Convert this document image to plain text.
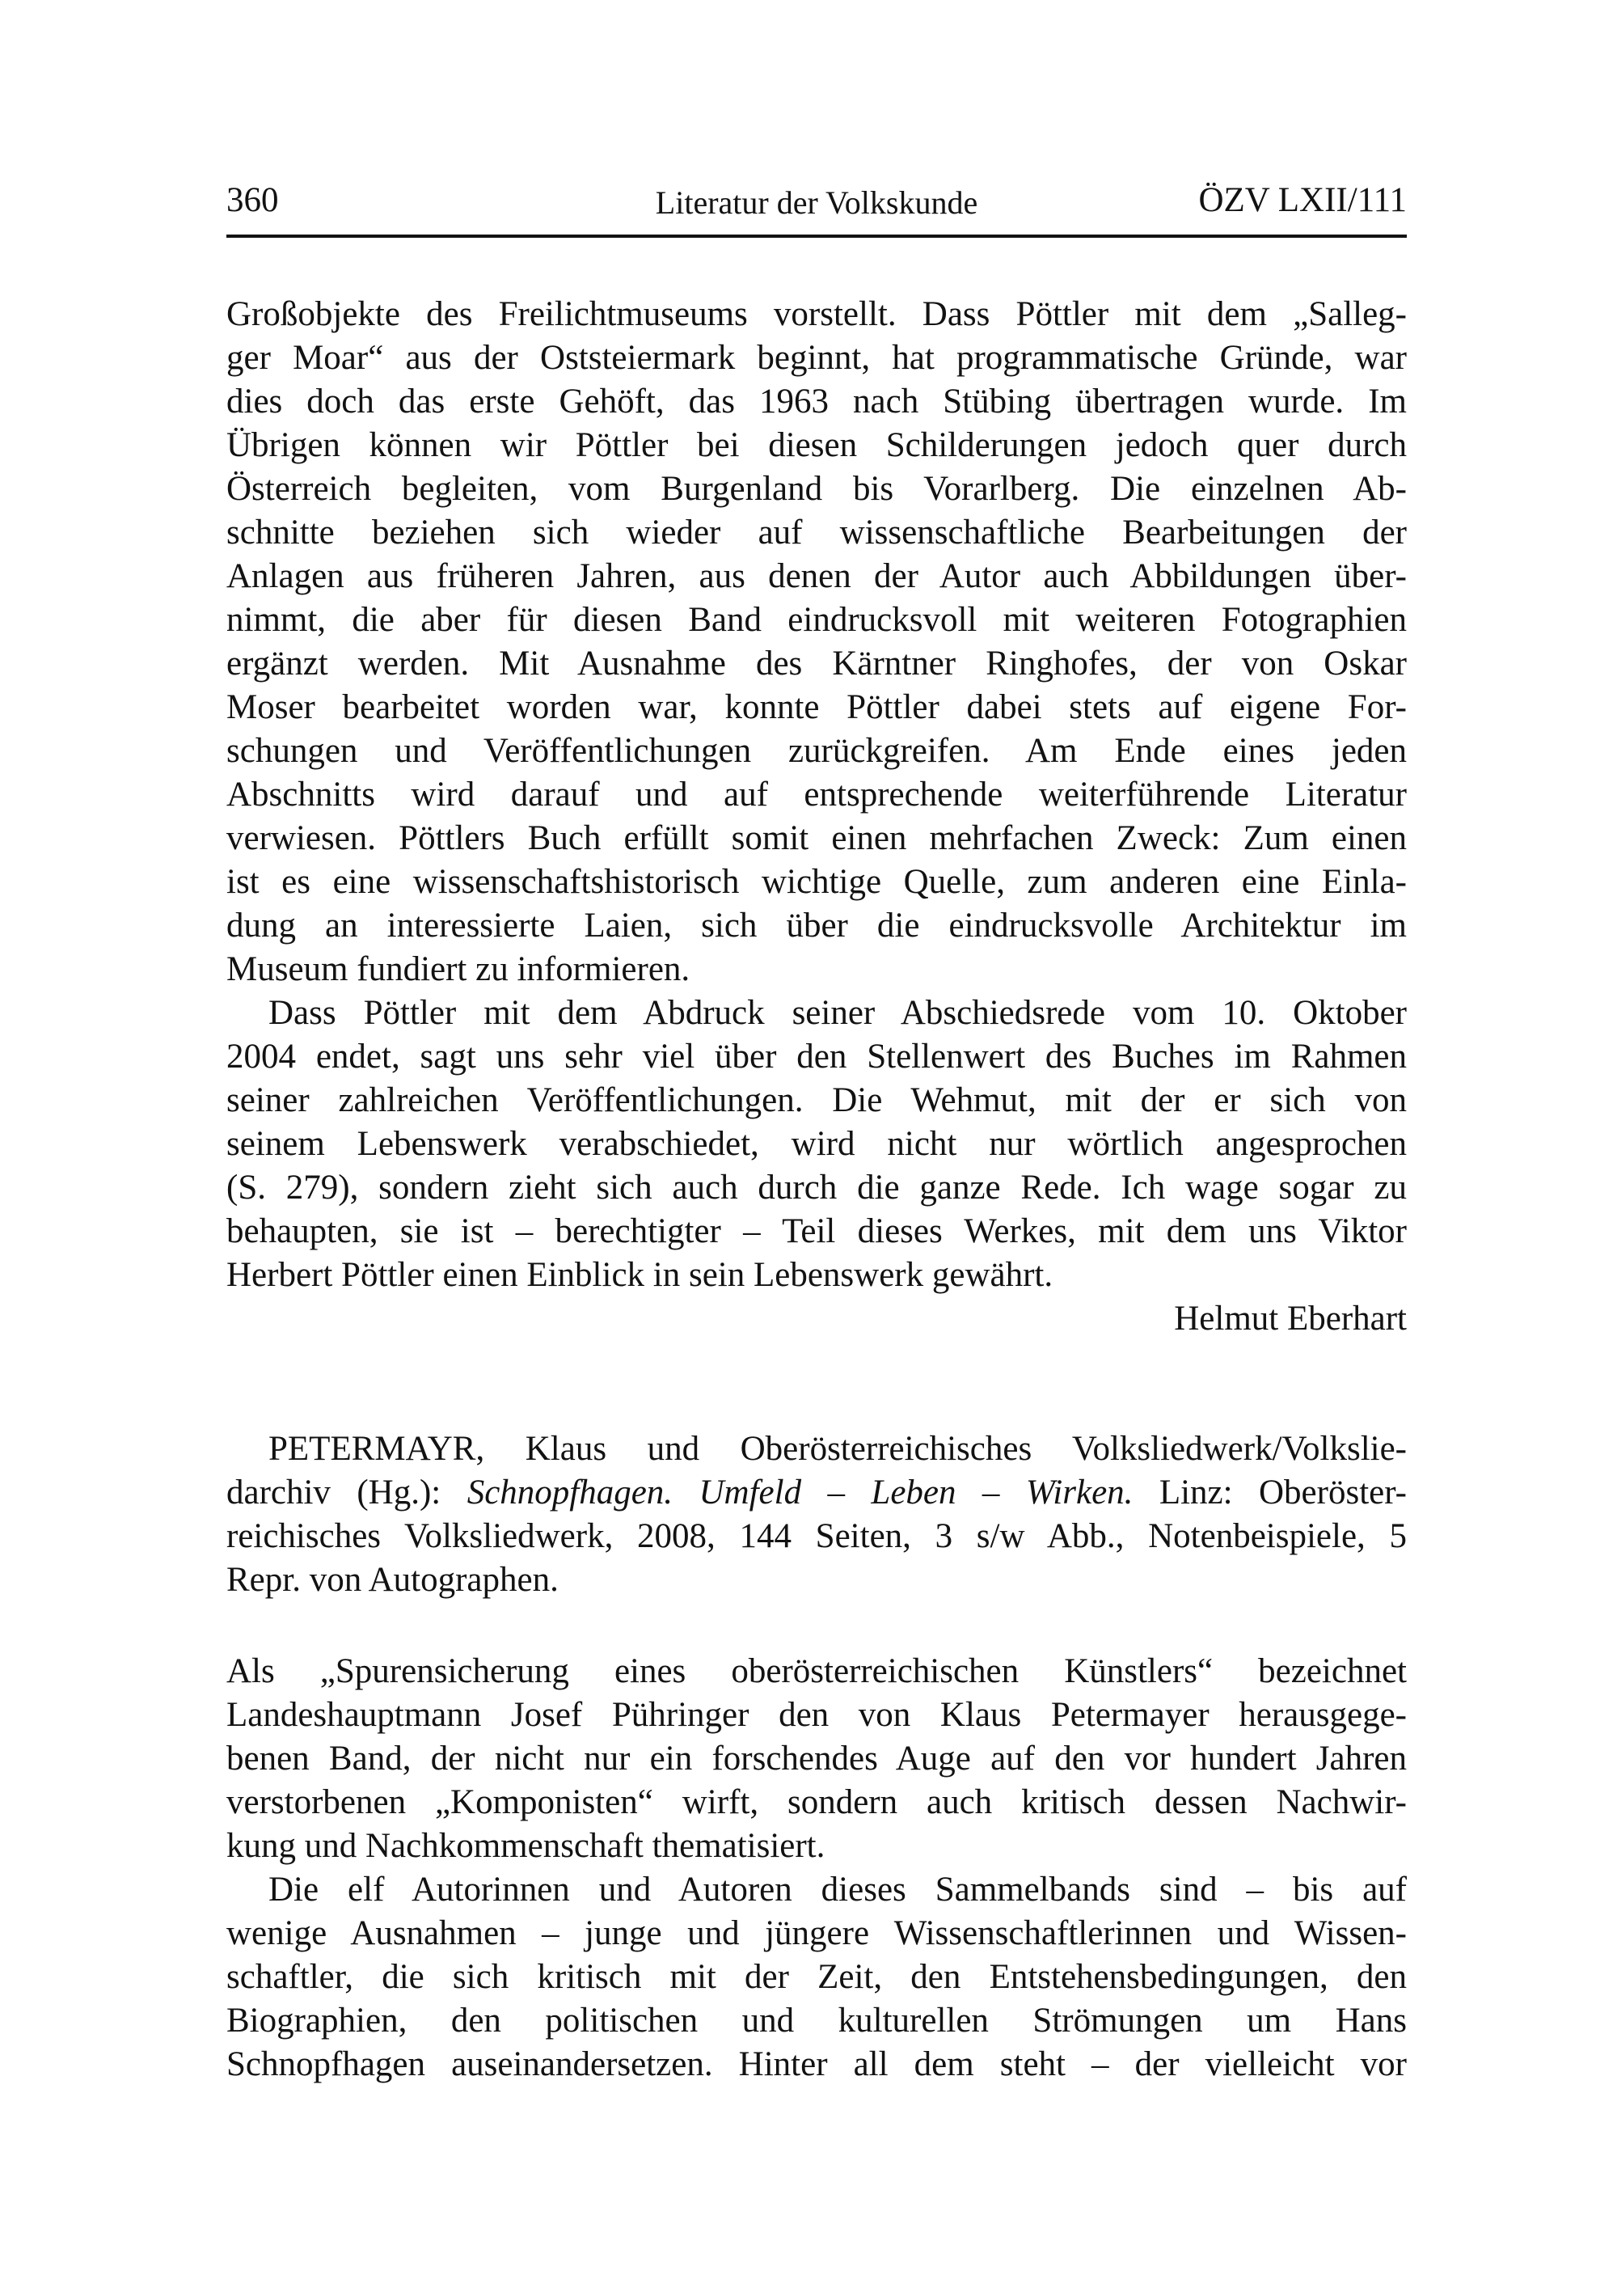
360	Literatur der Volkskunde	ÖZV LXII/111
Großobjekte des Freilichtmuseums vorstellt. Dass Pöttler mit dem „Salleg-
ger Moar“ aus der Oststeiermark beginnt, hat programmatische Gründe, war
dies doch das erste Gehöft, das 1963 nach Stübing übertragen wurde. Im
Übrigen können wir Pöttler bei diesen Schilderungen jedoch quer durch
Österreich begleiten, vom Burgenland bis Vorarlberg. Die einzelnen Ab-
schnitte beziehen sich wieder auf wissenschaftliche Bearbeitungen der
Anlagen aus früheren Jahren, aus denen der Autor auch Abbildungen über-
nimmt, die aber für diesen Band eindrucksvoll mit weiteren Fotographien
ergänzt werden. Mit Ausnahme des Kärntner Ringhofes, der von Oskar
Moser bearbeitet worden war, konnte Pöttler dabei stets auf eigene For-
schungen und Veröffentlichungen zurückgreifen. Am Ende eines jeden
Abschnitts wird darauf und auf entsprechende weiterführende Literatur
verwiesen. Pöttlers Buch erfüllt somit einen mehrfachen Zweck: Zum einen
ist es eine wissenschaftshistorisch wichtige Quelle, zum anderen eine Einla-
dung an interessierte Laien, sich über die eindrucksvolle Architektur im
Museum fundiert zu informieren.
Dass Pöttler mit dem Abdruck seiner Abschiedsrede vom 10. Oktober
2004 endet, sagt uns sehr viel über den Stellenwert des Buches im Rahmen
seiner zahlreichen Veröffentlichungen. Die Wehmut, mit der er sich von
seinem Lebenswerk verabschiedet, wird nicht nur wörtlich angesprochen
(S. 279), sondern zieht sich auch durch die ganze Rede. Ich wage sogar zu
behaupten, sie ist – berechtigter – Teil dieses Werkes, mit dem uns Viktor
Herbert Pöttler einen Einblick in sein Lebenswerk gewährt.
Helmut Eberhart
PETERMAYR, Klaus und Oberösterreichisches Volksliedwerk/Volkslie-
darchiv (Hg.): Schnopfhagen. Umfeld – Leben – Wirken. Linz: Oberöster-
reichisches Volksliedwerk, 2008, 144 Seiten, 3 s/w Abb., Notenbeispiele, 5
Repr. von Autographen.
Als „Spurensicherung eines oberösterreichischen Künstlers“ bezeichnet
Landeshauptmann Josef Pühringer den von Klaus Petermayer herausgege-
benen Band, der nicht nur ein forschendes Auge auf den vor hundert Jahren
verstorbenen „Komponisten“ wirft, sondern auch kritisch dessen Nachwir-
kung und Nachkommenschaft thematisiert.
Die elf Autorinnen und Autoren dieses Sammelbands sind – bis auf
wenige Ausnahmen – junge und jüngere Wissenschaftlerinnen und Wissen-
schaftler, die sich kritisch mit der Zeit, den Entstehensbedingungen, den
Biographien, den politischen und kulturellen Strömungen um Hans
Schnopfhagen auseinandersetzen. Hinter all dem steht – der vielleicht vor
